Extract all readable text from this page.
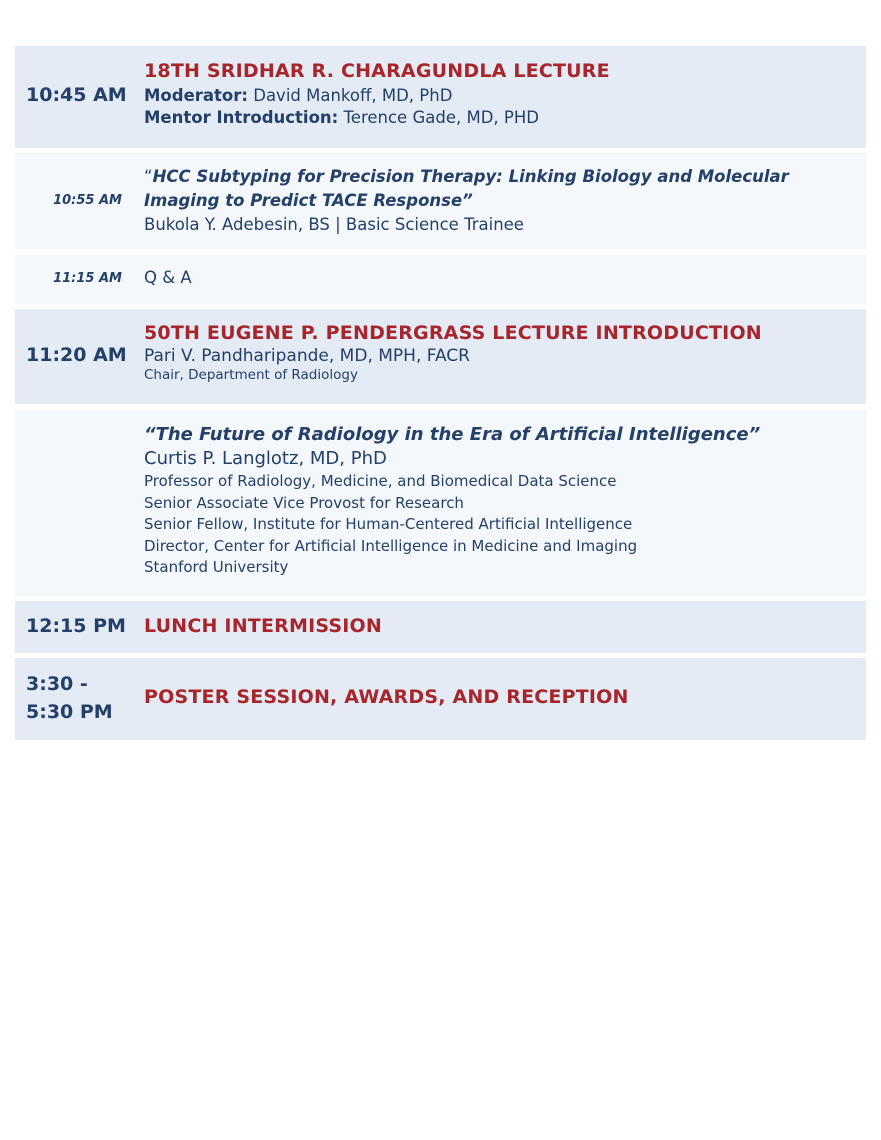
10:45 AM
18TH SRIDHAR R. CHARAGUNDLA LECTURE
Moderator: David Mankoff, MD, PhD
Mentor Introduction: Terence Gade, MD, PHD
10:55 AM
“HCC Subtyping for Precision Therapy: Linking Biology and Molecular Imaging to Predict TACE Response”
Bukola Y. Adebesin, BS | Basic Science Trainee
11:15 AM Q & A
11:20 AM
50TH EUGENE P. PENDERGRASS LECTURE INTRODUCTION
Pari V. Pandharipande, MD, MPH, FACR
Chair, Department of Radiology
“The Future of Radiology in the Era of Artificial Intelligence”
Curtis P. Langlotz, MD, PhD
Professor of Radiology, Medicine, and Biomedical Data Science
Senior Associate Vice Provost for Research
Senior Fellow, Institute for Human-Centered Artificial Intelligence
Director, Center for Artificial Intelligence in Medicine and Imaging
Stanford University
12:15 PM LUNCH INTERMISSION
3:30 -
5:30 PM
POSTER SESSION, AWARDS, AND RECEPTION
